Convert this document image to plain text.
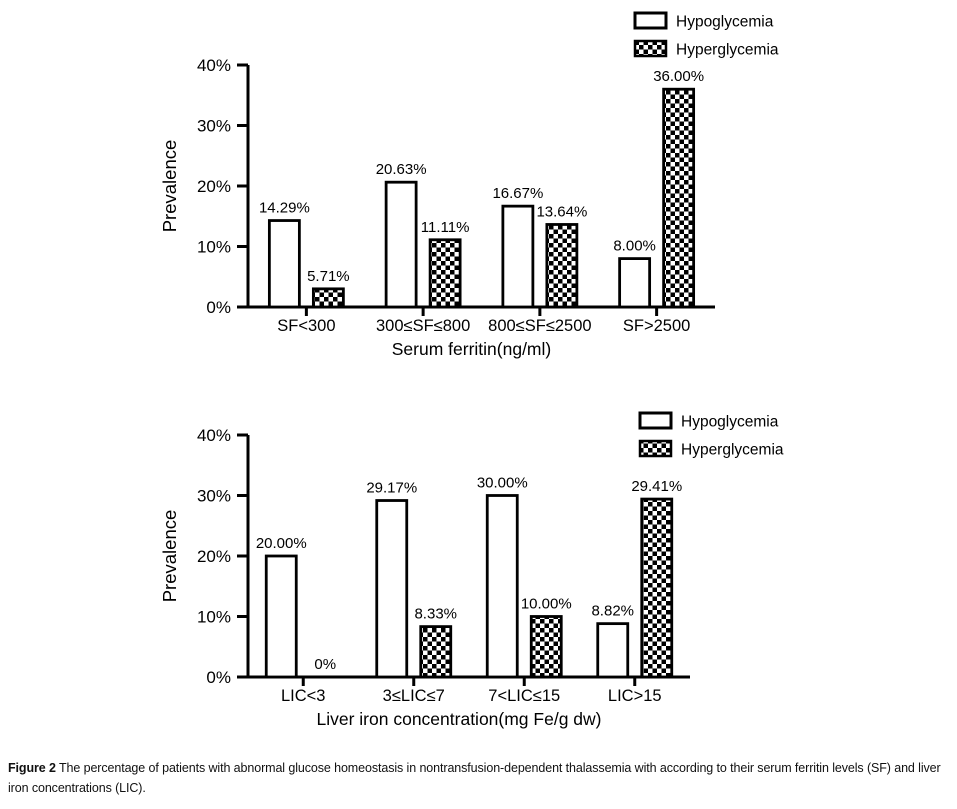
0%
10%
20%
30%
40%
Prevalence
SF<300
14.29%
5.71%
300≤SF≤800
20.63%
11.11%
800≤SF≤2500
16.67%
13.64%
SF>2500
8.00%
36.00%
Serum ferritin(ng/ml)
Hypoglycemia
Hyperglycemia
0%
10%
20%
30%
40%
Prevalence
LIC<3
20.00%
0%
3≤LIC≤7
29.17%
8.33%
7<LIC≤15
30.00%
10.00%
LIC>15
8.82%
29.41%
Liver iron concentration(mg Fe/g dw)
Hypoglycemia
Hyperglycemia
Figure 2 The percentage of patients with abnormal glucose homeostasis in nontransfusion-dependent thalassemia with according to their serum ferritin levels (SF) and liver iron concentrations (LIC).
